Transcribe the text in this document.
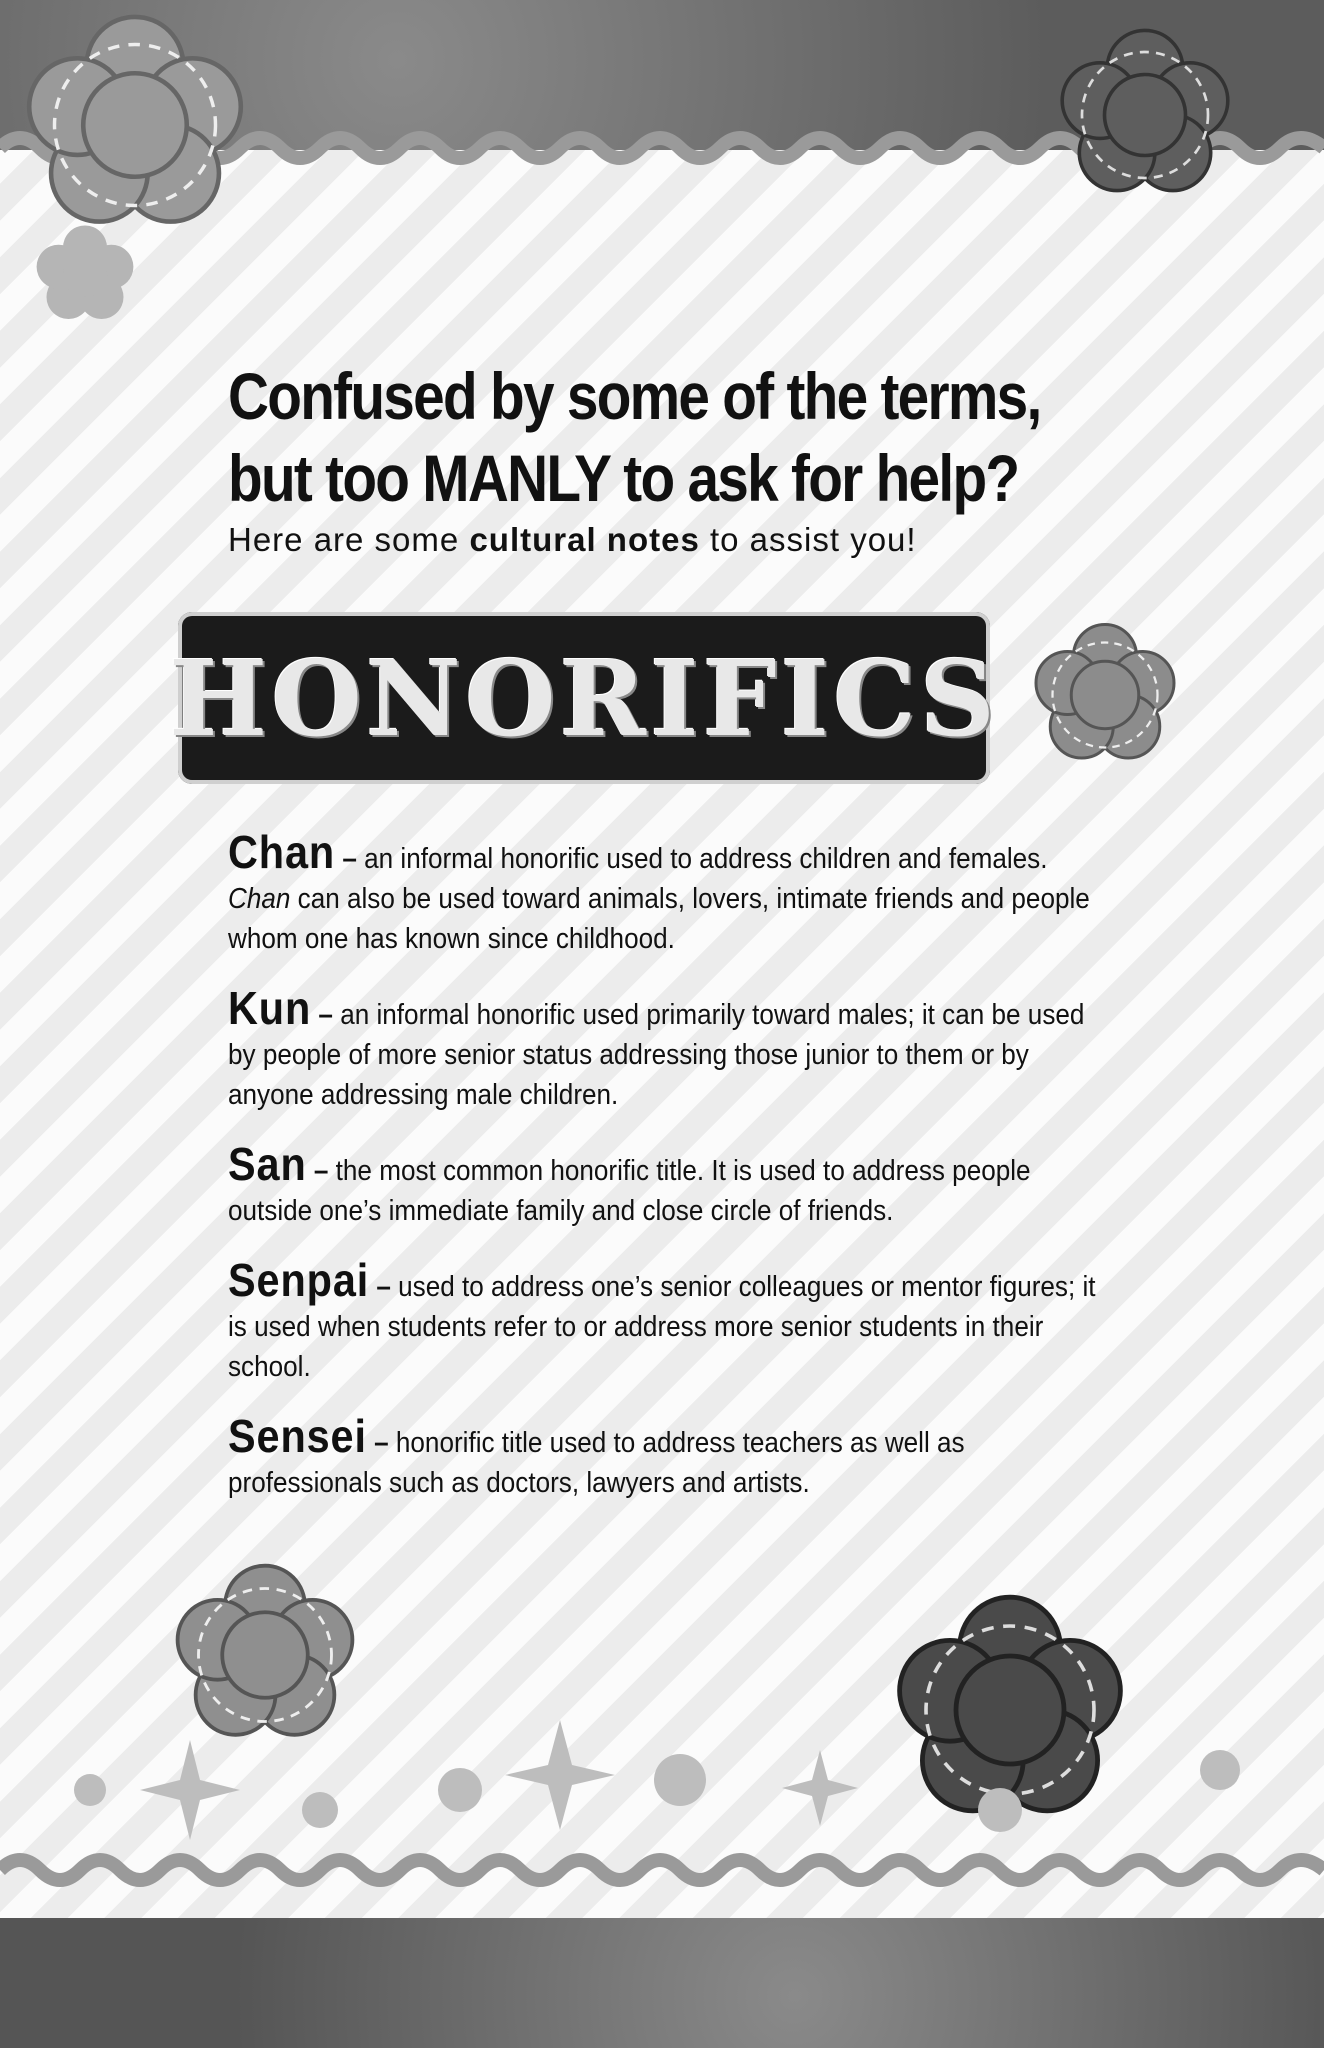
Confused by some of the terms,
but too MANLY to ask for help?
Here are some cultural notes to assist you!
HONORIFICS

Chan – an informal honorific used to address children and females. Chan can also be used toward animals, lovers, intimate friends and people whom one has known since childhood.

Kun – an informal honorific used primarily toward males; it can be used by people of more senior status addressing those junior to them or by anyone addressing male children.

San – the most common honorific title. It is used to address people outside one’s immediate family and close circle of friends.

Senpai – used to address one’s senior colleagues or mentor figures; it is used when students refer to or address more senior students in their school.

Sensei – honorific title used to address teachers as well as professionals such as doctors, lawyers and artists.
